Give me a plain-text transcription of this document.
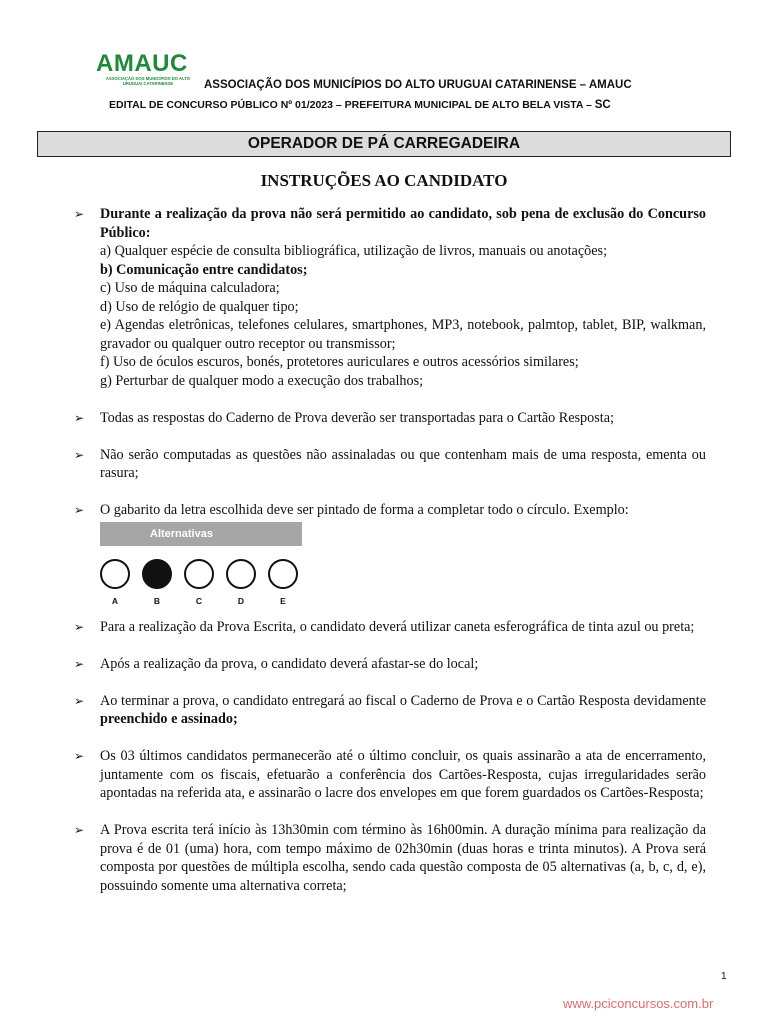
AMAUC
ASSOCIAÇÃO DOS MUNICÍPIOS DO ALTO URUGUAI CATARINENSE	ASSOCIAÇÃO DOS MUNICÍPIOS DO ALTO URUGUAI CATARINENSE – AMAUC
EDITAL DE CONCURSO PÚBLICO Nº 01/2023 – PREFEITURA MUNICIPAL DE ALTO BELA VISTA – SC
OPERADOR DE PÁ CARREGADEIRA
INSTRUÇÕES AO CANDIDATO
➢ Durante a realização da prova não será permitido ao candidato, sob pena de exclusão do Concurso Público:
a) Qualquer espécie de consulta bibliográfica, utilização de livros, manuais ou anotações;
b) Comunicação entre candidatos;
c) Uso de máquina calculadora;
d) Uso de relógio de qualquer tipo;
e) Agendas eletrônicas, telefones celulares, smartphones, MP3, notebook, palmtop, tablet, BIP, walkman, gravador ou qualquer outro receptor ou transmissor;
f) Uso de óculos escuros, bonés, protetores auriculares e outros acessórios similares;
g) Perturbar de qualquer modo a execução dos trabalhos;
➢ Todas as respostas do Caderno de Prova deverão ser transportadas para o Cartão Resposta;
➢ Não serão computadas as questões não assinaladas ou que contenham mais de uma resposta, ementa ou rasura;
➢ O gabarito da letra escolhida deve ser pintado de forma a completar todo o círculo. Exemplo:
Alternativas
A	B	C	D	E
➢ Para a realização da Prova Escrita, o candidato deverá utilizar caneta esferográfica de tinta azul ou preta;
➢ Após a realização da prova, o candidato deverá afastar-se do local;
➢ Ao terminar a prova, o candidato entregará ao fiscal o Caderno de Prova e o Cartão Resposta devidamente preenchido e assinado;
➢ Os 03 últimos candidatos permanecerão até o último concluir, os quais assinarão a ata de encerramento, juntamente com os fiscais, efetuarão a conferência dos Cartões-Resposta, cujas irregularidades serão apontadas na referida ata, e assinarão o lacre dos envelopes em que forem guardados os Cartões-Resposta;
➢ A Prova escrita terá início às 13h30min com término às 16h00min. A duração mínima para realização da prova é de 01 (uma) hora, com tempo máximo de 02h30min (duas horas e trinta minutos). A Prova será composta por questões de múltipla escolha, sendo cada questão composta de 05 alternativas (a, b, c, d, e), possuindo somente uma alternativa correta;
1
www.pciconcursos.com.br
